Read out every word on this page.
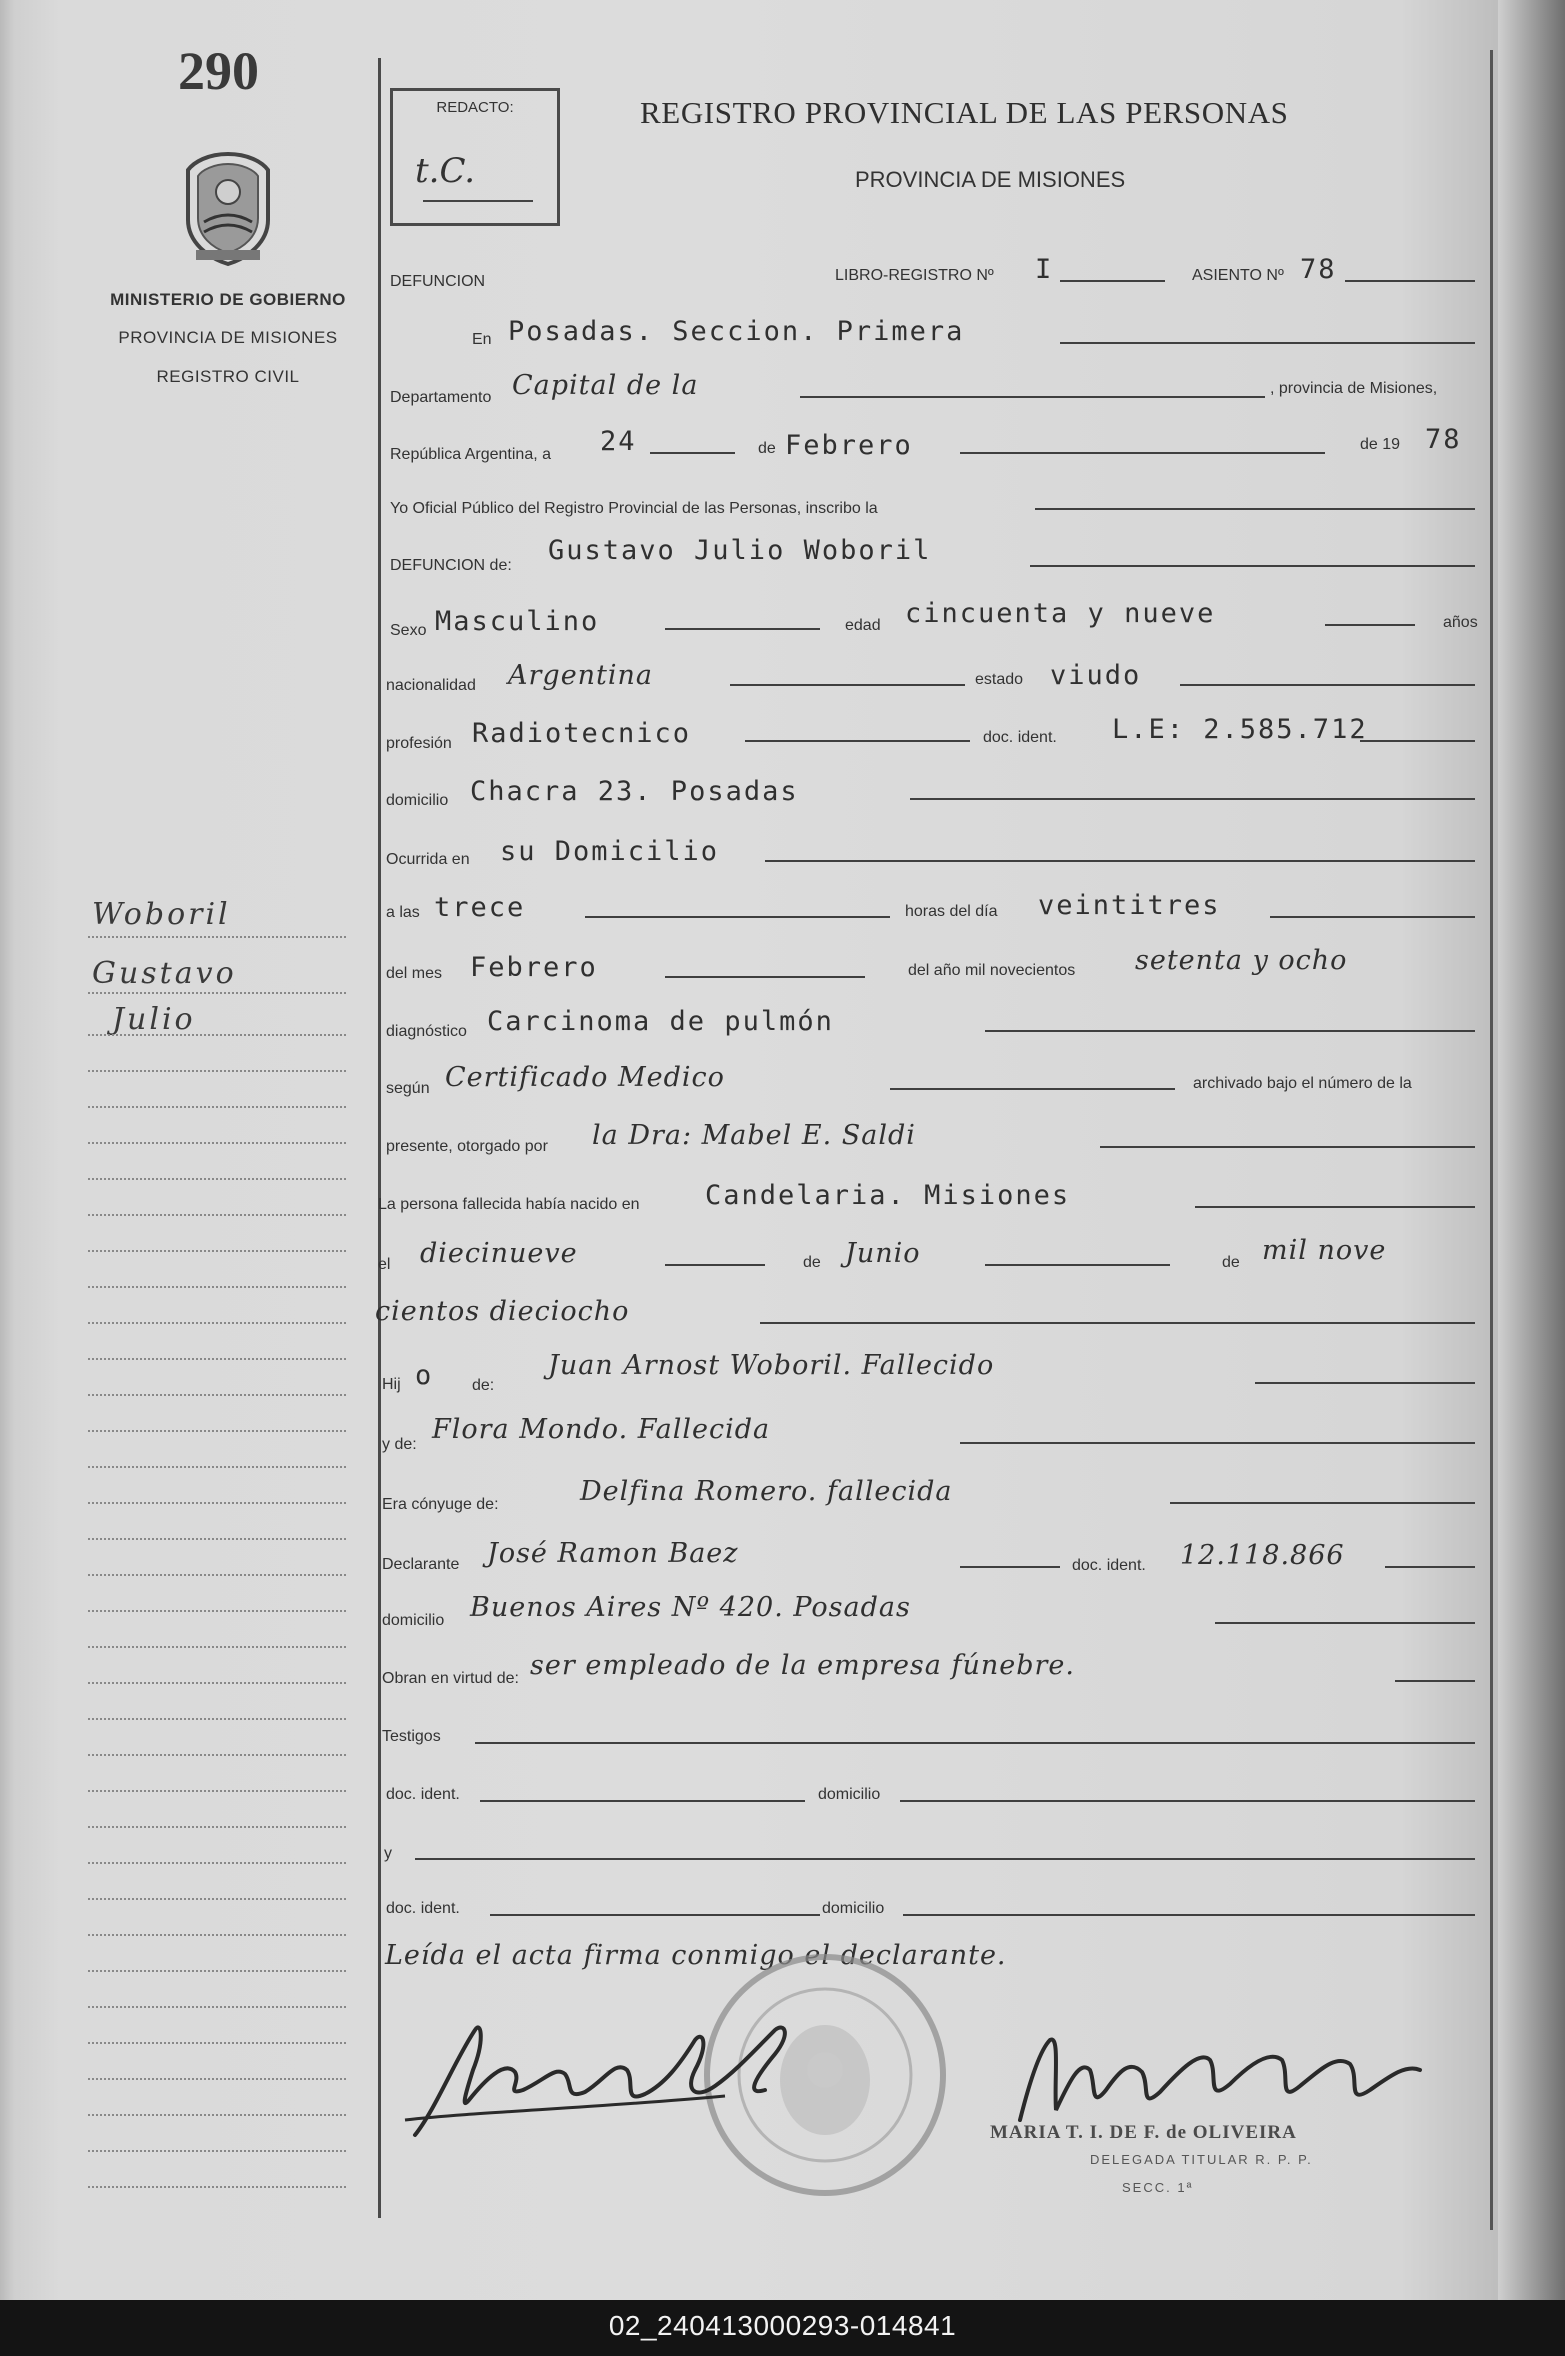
290
MINISTERIO DE GOBIERNO
PROVINCIA DE MISIONES
REGISTRO CIVIL
Woboril
Gustavo
Julio
REDACTO:
t.C.
REGISTRO PROVINCIAL DE LAS PERSONAS
PROVINCIA DE MISIONES
DEFUNCION	LIBRO-REGISTRO Nº I	ASIENTO Nº 78
En Posadas. Seccion. Primera
Departamento Capital de la	, provincia de Misiones,
República Argentina, a 24	de Febrero	de 19 78
Yo Oficial Público del Registro Provincial de las Personas, inscribo la
DEFUNCION de: Gustavo Julio Woboril
Sexo Masculino	edad cincuenta y nueve	años
nacionalidad Argentina	estado viudo
profesión Radiotecnico	doc. ident. L.E: 2.585.712
domicilio Chacra 23. Posadas
Ocurrida en su Domicilio
a las trece	horas del día veintitres
del mes Febrero	del año mil novecientos setenta y ocho
diagnóstico Carcinoma de pulmón
según Certificado Medico	archivado bajo el número de la
presente, otorgado por la Dra: Mabel E. Saldi
La persona fallecida había nacido en Candelaria. Misiones
el diecinueve	de Junio	de mil nove
cientos dieciocho
Hij o de:
Juan Arnost Woboril. Fallecido
y de: Flora Mondo. Fallecida
Era cónyuge de:	Delfina Romero. fallecida
Declarante José Ramon Baez	doc. ident. 12.118.866
domicilio Buenos Aires Nº 420. Posadas
Obran en virtud de: ser empleado de la empresa fúnebre.
Testigos
doc. ident.	domicilio
y
doc. ident.	domicilio
Leída el acta firma conmigo el declarante.
MARIA T. I. DE F. de OLIVEIRA
DELEGADA TITULAR R. P. P.
SECC. 1ª
02_240413000293-014841
